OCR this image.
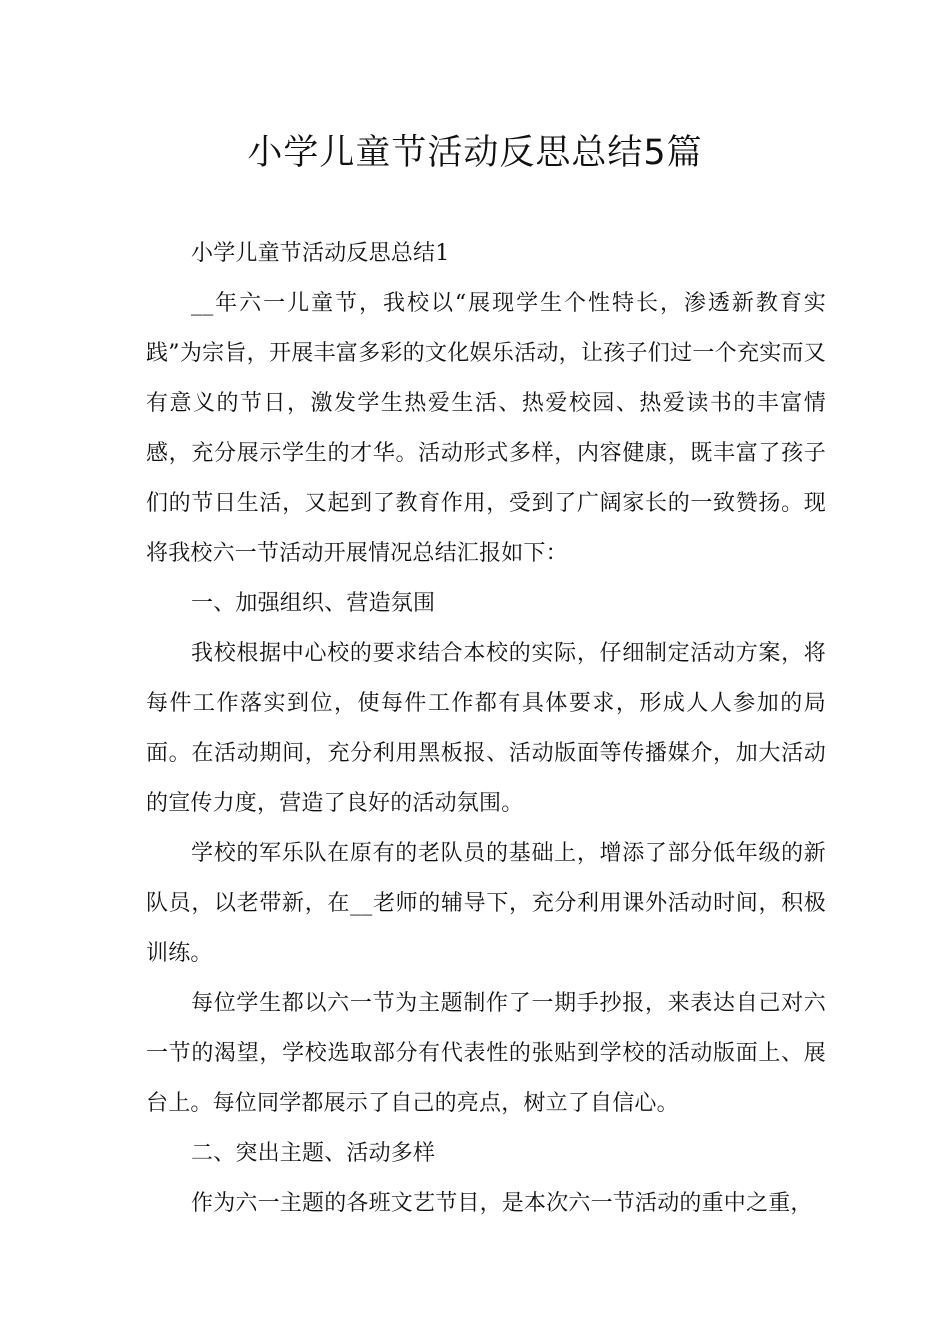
小学儿童节活动反思总结5篇

小学儿童节活动反思总结1

__年六一儿童节，我校以“展现学生个性特长，渗透新教育实践”为宗旨，开展丰富多彩的文化娱乐活动，让孩子们过一个充实而又有意义的节日，激发学生热爱生活、热爱校园、热爱读书的丰富情感，充分展示学生的才华。活动形式多样，内容健康，既丰富了孩子们的节日生活，又起到了教育作用，受到了广阔家长的一致赞扬。现将我校六一节活动开展情况总结汇报如下：

一、加强组织、营造氛围

我校根据中心校的要求结合本校的实际，仔细制定活动方案，将每件工作落实到位，使每件工作都有具体要求，形成人人参加的局面。在活动期间，充分利用黑板报、活动版面等传播媒介，加大活动的宣传力度，营造了良好的活动氛围。

学校的军乐队在原有的老队员的基础上，增添了部分低年级的新队员，以老带新，在__老师的辅导下，充分利用课外活动时间，积极训练。

每位学生都以六一节为主题制作了一期手抄报，来表达自己对六一节的渴望，学校选取部分有代表性的张贴到学校的活动版面上、展台上。每位同学都展示了自己的亮点，树立了自信心。

二、突出主题、活动多样

作为六一主题的各班文艺节目，是本次六一节活动的重中之重，
